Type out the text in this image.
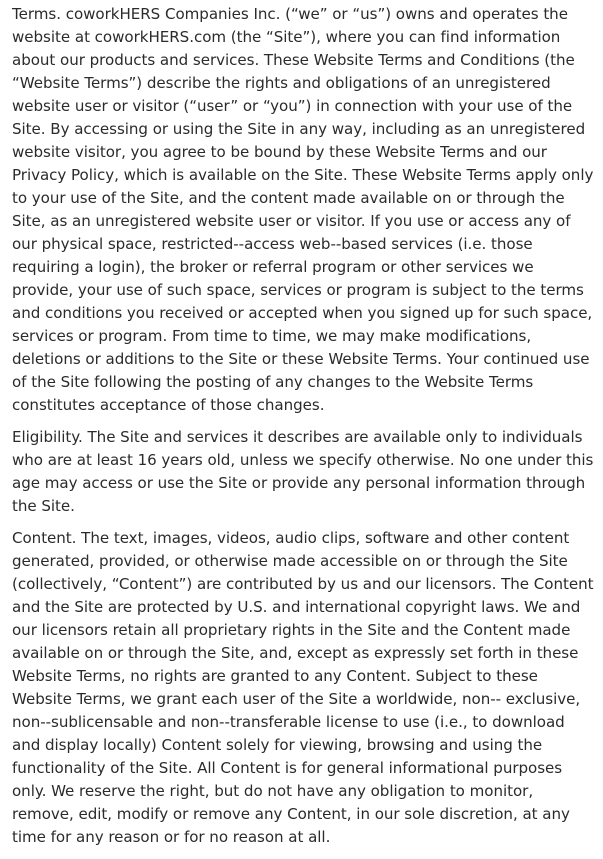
Terms. coworkHERS Companies Inc. (“we” or “us”) owns and operates the website at coworkHERS.com (the “Site”), where you can find information about our products and services. These Website Terms and Conditions (the “Website Terms”) describe the rights and obligations of an unregistered website user or visitor (“user” or “you”) in connection with your use of the Site. By accessing or using the Site in any way, including as an unregistered website visitor, you agree to be bound by these Website Terms and our Privacy Policy, which is available on the Site. These Website Terms apply only to your use of the Site, and the content made available on or through the Site, as an unregistered website user or visitor. If you use or access any of our physical space, restricted--access web--based services (i.e. those requiring a login), the broker or referral program or other services we provide, your use of such space, services or program is subject to the terms and conditions you received or accepted when you signed up for such space, services or program. From time to time, we may make modifications, deletions or additions to the Site or these Website Terms. Your continued use of the Site following the posting of any changes to the Website Terms constitutes acceptance of those changes.

Eligibility. The Site and services it describes are available only to individuals who are at least 16 years old, unless we specify otherwise. No one under this age may access or use the Site or provide any personal information through the Site.

Content. The text, images, videos, audio clips, software and other content generated, provided, or otherwise made accessible on or through the Site (collectively, “Content”) are contributed by us and our licensors. The Content and the Site are protected by U.S. and international copyright laws. We and our licensors retain all proprietary rights in the Site and the Content made available on or through the Site, and, except as expressly set forth in these Website Terms, no rights are granted to any Content. Subject to these Website Terms, we grant each user of the Site a worldwide, non-- exclusive, non--sublicensable and non--transferable license to use (i.e., to download and display locally) Content solely for viewing, browsing and using the functionality of the Site. All Content is for general informational purposes only. We reserve the right, but do not have any obligation to monitor, remove, edit, modify or remove any Content, in our sole discretion, at any time for any reason or for no reason at all.
